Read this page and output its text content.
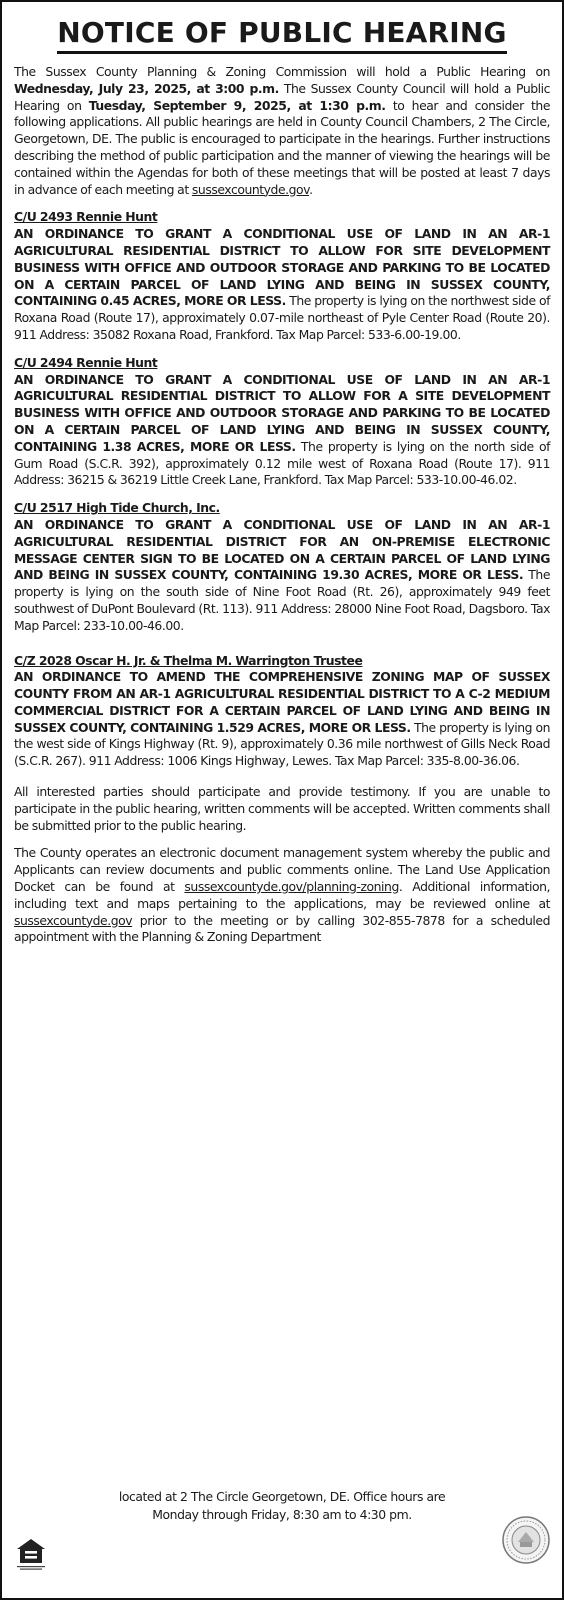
NOTICE OF PUBLIC HEARING

The Sussex County Planning & Zoning Commission will hold a Public Hearing on Wednesday, July 23, 2025, at 3:00 p.m. The Sussex County Council will hold a Public Hearing on Tuesday, September 9, 2025, at 1:30 p.m. to hear and consider the following applications. All public hearings are held in County Council Chambers, 2 The Circle, Georgetown, DE. The public is encouraged to participate in the hearings. Further instructions describing the method of public participation and the manner of viewing the hearings will be contained within the Agendas for both of these meetings that will be posted at least 7 days in advance of each meeting at sussexcountyde.gov.

C/U 2493 Rennie Hunt
AN ORDINANCE TO GRANT A CONDITIONAL USE OF LAND IN AN AR-1 AGRICULTURAL RESIDENTIAL DISTRICT TO ALLOW FOR SITE DEVELOPMENT BUSINESS WITH OFFICE AND OUTDOOR STORAGE AND PARKING TO BE LOCATED ON A CERTAIN PARCEL OF LAND LYING AND BEING IN SUSSEX COUNTY, CONTAINING 0.45 ACRES, MORE OR LESS. The property is lying on the northwest side of Roxana Road (Route 17), approximately 0.07-mile northeast of Pyle Center Road (Route 20). 911 Address: 35082 Roxana Road, Frankford. Tax Map Parcel: 533-6.00-19.00.

C/U 2494 Rennie Hunt
AN ORDINANCE TO GRANT A CONDITIONAL USE OF LAND IN AN AR-1 AGRICULTURAL RESIDENTIAL DISTRICT TO ALLOW FOR A SITE DEVELOPMENT BUSINESS WITH OFFICE AND OUTDOOR STORAGE AND PARKING TO BE LOCATED ON A CERTAIN PARCEL OF LAND LYING AND BEING IN SUSSEX COUNTY, CONTAINING 1.38 ACRES, MORE OR LESS. The property is lying on the north side of Gum Road (S.C.R. 392), approximately 0.12 mile west of Roxana Road (Route 17). 911 Address: 36215 & 36219 Little Creek Lane, Frankford. Tax Map Parcel: 533-10.00-46.02.

C/U 2517 High Tide Church, Inc.
AN ORDINANCE TO GRANT A CONDITIONAL USE OF LAND IN AN AR-1 AGRICULTURAL RESIDENTIAL DISTRICT FOR AN ON-PREMISE ELECTRONIC MESSAGE CENTER SIGN TO BE LOCATED ON A CERTAIN PARCEL OF LAND LYING AND BEING IN SUSSEX COUNTY, CONTAINING 19.30 ACRES, MORE OR LESS. The property is lying on the south side of Nine Foot Road (Rt. 26), approximately 949 feet southwest of DuPont Boulevard (Rt. 113). 911 Address: 28000 Nine Foot Road, Dagsboro. Tax Map Parcel: 233-10.00-46.00.

C/Z 2028 Oscar H. Jr. & Thelma M. Warrington Trustee
AN ORDINANCE TO AMEND THE COMPREHENSIVE ZONING MAP OF SUSSEX COUNTY FROM AN AR-1 AGRICULTURAL RESIDENTIAL DISTRICT TO A C-2 MEDIUM COMMERCIAL DISTRICT FOR A CERTAIN PARCEL OF LAND LYING AND BEING IN SUSSEX COUNTY, CONTAINING 1.529 ACRES, MORE OR LESS. The property is lying on the west side of Kings Highway (Rt. 9), approximately 0.36 mile northwest of Gills Neck Road (S.C.R. 267). 911 Address: 1006 Kings Highway, Lewes. Tax Map Parcel: 335-8.00-36.06.

All interested parties should participate and provide testimony. If you are unable to participate in the public hearing, written comments will be accepted. Written comments shall be submitted prior to the public hearing.

The County operates an electronic document management system whereby the public and Applicants can review documents and public comments online. The Land Use Application Docket can be found at sussexcountyde.gov/planning-zoning. Additional information, including text and maps pertaining to the applications, may be reviewed online at sussexcountyde.gov prior to the meeting or by calling 302-855-7878 for a scheduled appointment with the Planning & Zoning Department

located at 2 The Circle Georgetown, DE. Office hours are
Monday through Friday, 8:30 am to 4:30 pm.
